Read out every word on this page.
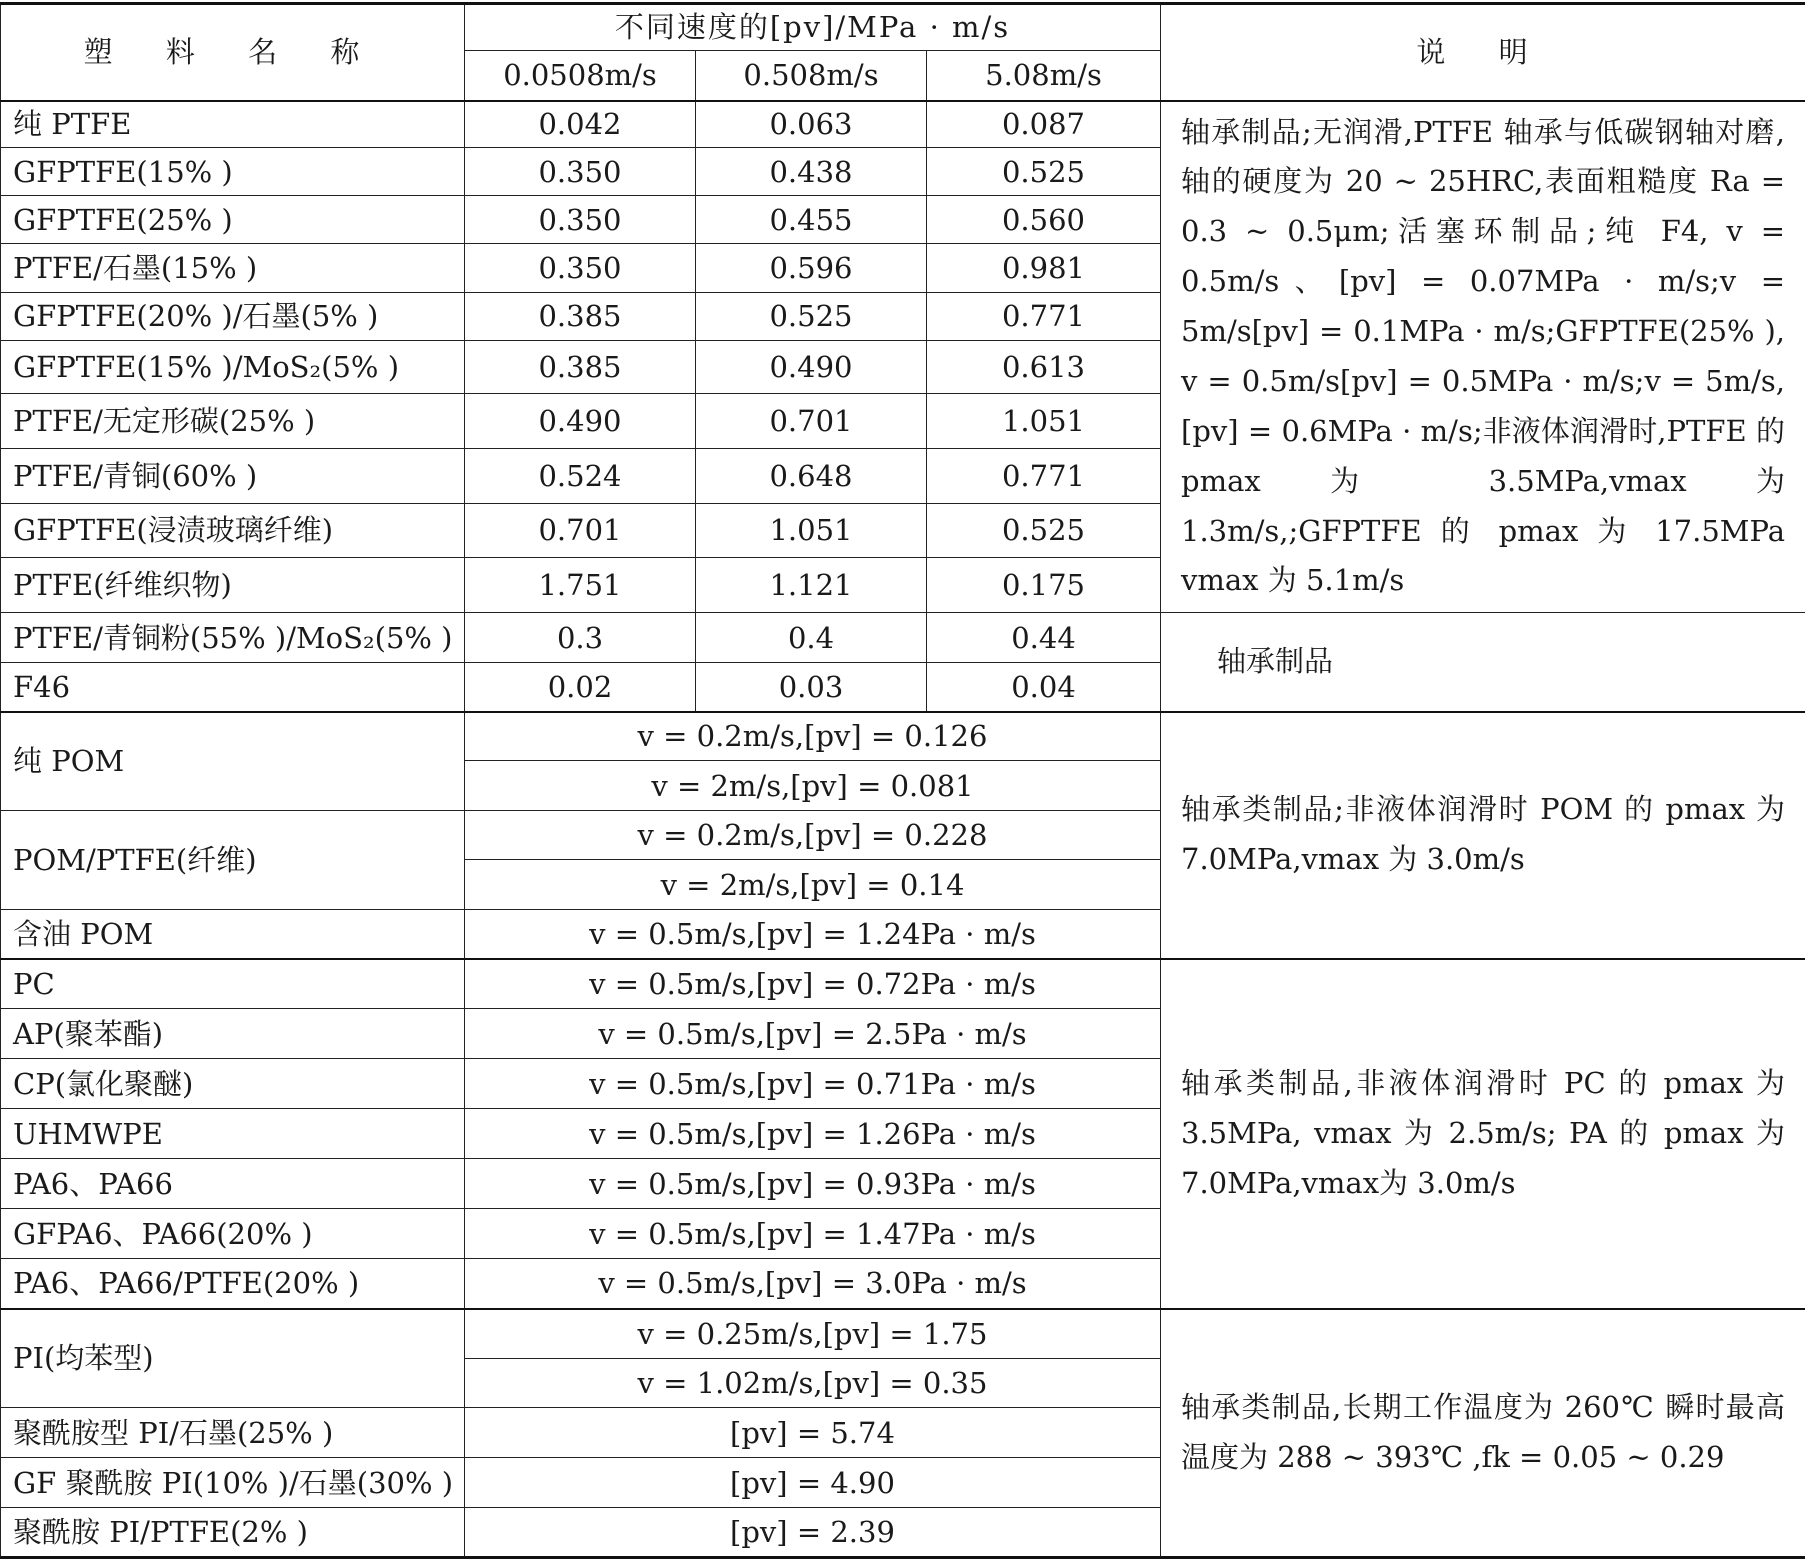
塑 料 名 称	不同速度的[pv]/MPa · m/s			说 明
	0.0508m/s	0.508m/s	5.08m/s	
纯 PTFE	0.042	0.063	0.087	轴承制品;无润滑,PTFE 轴承与低碳钢轴对磨,轴的硬度为 20 ~ 25HRC,表面粗糙度 Ra = 0.3 ~ 0.5μm;活塞环制品;纯 F4, v = 0.5m/s、[pv] = 0.07MPa · m/s;v = 5m/s[pv] = 0.1MPa · m/s;GFPTFE(25% ), v = 0.5m/s[pv] = 0.5MPa · m/s;v = 5m/s, [pv] = 0.6MPa · m/s;非液体润滑时,PTFE 的 pmax 为 3.5MPa,vmax 为 1.3m/s,;GFPTFE 的 pmax 为 17.5MPa vmax 为 5.1m/s
GFPTFE(15% )	0.350	0.438	0.525	
GFPTFE(25% )	0.350	0.455	0.560	
PTFE/石墨(15% )	0.350	0.596	0.981	
GFPTFE(20% )/石墨(5% )	0.385	0.525	0.771	
GFPTFE(15% )/MoS₂(5% )	0.385	0.490	0.613	
PTFE/无定形碳(25% )	0.490	0.701	1.051	
PTFE/青铜(60% )	0.524	0.648	0.771	
GFPTFE(浸渍玻璃纤维)	0.701	1.051	0.525	
PTFE(纤维织物)	1.751	1.121	0.175	
PTFE/青铜粉(55% )/MoS₂(5% )	0.3	0.4	0.44	轴承制品
F46	0.02	0.03	0.04	
纯 POM	v = 0.2m/s,[pv] = 0.126			轴承类制品;非液体润滑时 POM 的 pmax 为 7.0MPa,vmax 为 3.0m/s
	v = 2m/s,[pv] = 0.081			
POM/PTFE(纤维)	v = 0.2m/s,[pv] = 0.228			
	v = 2m/s,[pv] = 0.14			
含油 POM	v = 0.5m/s,[pv] = 1.24Pa · m/s			
PC	v = 0.5m/s,[pv] = 0.72Pa · m/s			轴承类制品,非液体润滑时 PC 的 pmax 为 3.5MPa, vmax 为 2.5m/s; PA 的 pmax 为 7.0MPa,vmax为 3.0m/s
AP(聚苯酯)	v = 0.5m/s,[pv] = 2.5Pa · m/s			
CP(氯化聚醚)	v = 0.5m/s,[pv] = 0.71Pa · m/s			
UHMWPE	v = 0.5m/s,[pv] = 1.26Pa · m/s			
PA6、PA66	v = 0.5m/s,[pv] = 0.93Pa · m/s			
GFPA6、PA66(20% )	v = 0.5m/s,[pv] = 1.47Pa · m/s			
PA6、PA66/PTFE(20% )	v = 0.5m/s,[pv] = 3.0Pa · m/s			
PI(均苯型)	v = 0.25m/s,[pv] = 1.75			轴承类制品,长期工作温度为 260℃ 瞬时最高温度为 288 ~ 393℃ ,fk = 0.05 ~ 0.29
	v = 1.02m/s,[pv] = 0.35			
聚酰胺型 PI/石墨(25% )	[pv] = 5.74			
GF 聚酰胺 PI(10% )/石墨(30% )	[pv] = 4.90			
聚酰胺 PI/PTFE(2% )	[pv] = 2.39			
